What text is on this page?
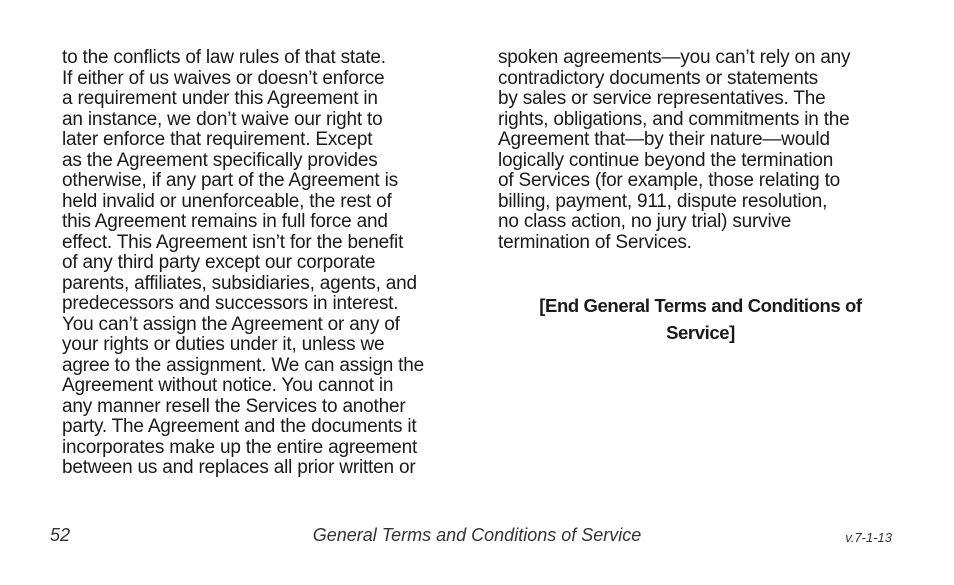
to the conflicts of law rules of that state.
If either of us waives or doesn’t enforce
a requirement under this Agreement in
an instance, we don’t waive our right to
later enforce that requirement. Except
as the Agreement specifically provides
otherwise, if any part of the Agreement is
held invalid or unenforceable, the rest of
this Agreement remains in full force and
effect. This Agreement isn’t for the benefit
of any third party except our corporate
parents, affiliates, subsidiaries, agents, and
predecessors and successors in interest.
You can’t assign the Agreement or any of
your rights or duties under it, unless we
agree to the assignment. We can assign the
Agreement without notice. You cannot in
any manner resell the Services to another
party. The Agreement and the documents it
incorporates make up the entire agreement
between us and replaces all prior written or
spoken agreements—you can’t rely on any
contradictory documents or statements
by sales or service representatives. The
rights, obligations, and commitments in the
Agreement that—by their nature—would
logically continue beyond the termination
of Services (for example, those relating to
billing, payment, 911, dispute resolution,
no class action, no jury trial) survive
termination of Services.
[End General Terms and Conditions of
Service]
52	General Terms and Conditions of Service	v.7-1-13
